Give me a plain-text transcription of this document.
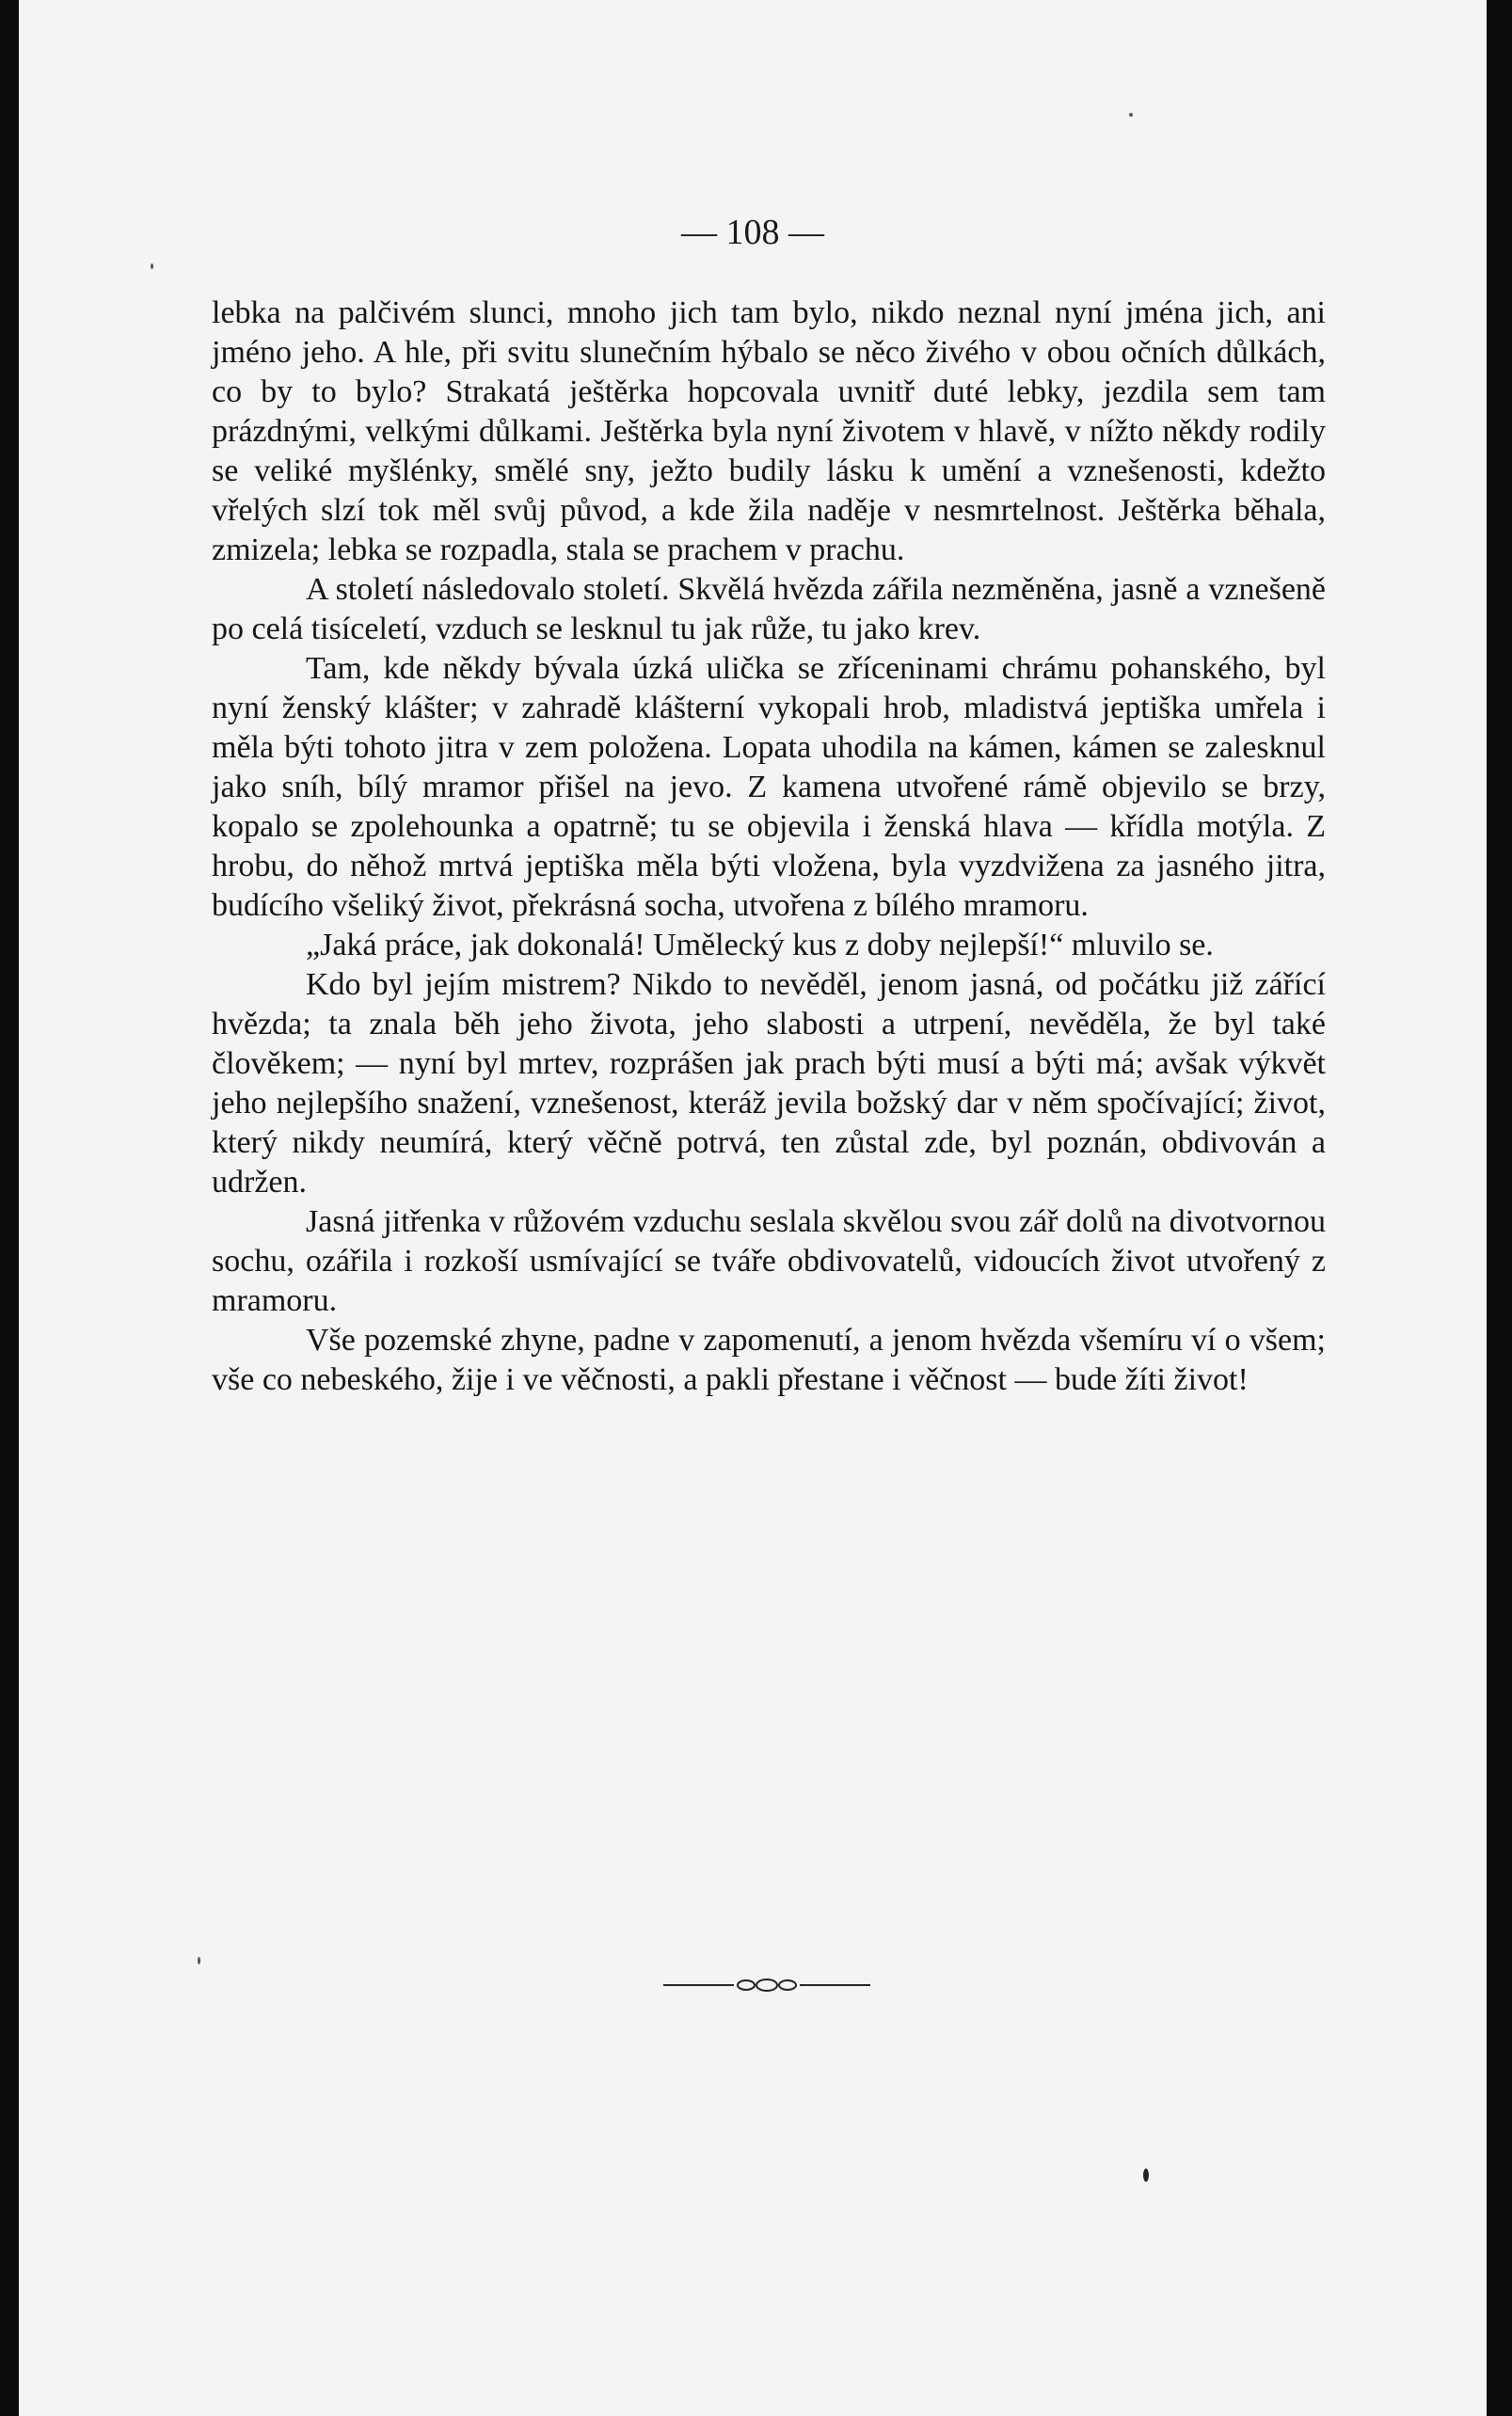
— 108 —

lebka na palčivém slunci, mnoho jich tam bylo, nikdo neznal nyní jména jich, ani jméno jeho. A hle, při svitu slunečním hýbalo se něco živého v obou očních důlkách, co by to bylo? Strakatá ještěrka hopcovala uvnitř duté lebky, jezdila sem tam prázdnými, velkými důlkami. Ještěrka byla nyní životem v hlavě, v nížto někdy rodily se veliké myšlénky, smělé sny, ježto budily lásku k umění a vznešenosti, kdežto vřelých slzí tok měl svůj původ, a kde žila naděje v nesmrtelnost. Ještěrka běhala, zmizela; lebka se rozpadla, stala se prachem v prachu.

A století následovalo století. Skvělá hvězda zářila nezměněna, jasně a vznešeně po celá tisíceletí, vzduch se lesknul tu jak růže, tu jako krev.

Tam, kde někdy bývala úzká ulička se zříceninami chrámu pohanského, byl nyní ženský klášter; v zahradě klášterní vykopali hrob, mladistvá jeptiška umřela i měla býti tohoto jitra v zem položena. Lopata uhodila na kámen, kámen se zalesknul jako sníh, bílý mramor přišel na jevo. Z kamena utvořené rámě objevilo se brzy, kopalo se zpolehounka a opatrně; tu se objevila i ženská hlava — křídla motýla. Z hrobu, do něhož mrtvá jeptiška měla býti vložena, byla vyzdvižena za jasného jitra, budícího všeliký život, překrásná socha, utvořena z bílého mramoru.

„Jaká práce, jak dokonalá! Umělecký kus z doby nejlepší!“ mluvilo se.

Kdo byl jejím mistrem? Nikdo to nevěděl, jenom jasná, od počátku již zářící hvězda; ta znala běh jeho života, jeho slabosti a utrpení, nevěděla, že byl také člověkem; — nyní byl mrtev, rozprášen jak prach býti musí a býti má; avšak výkvět jeho nejlepšího snažení, vznešenost, kteráž jevila božský dar v něm spočívající; život, který nikdy neumírá, který věčně potrvá, ten zůstal zde, byl poznán, obdivován a udržen.

Jasná jitřenka v růžovém vzduchu seslala skvělou svou zář dolů na divotvornou sochu, ozářila i rozkoší usmívající se tváře obdivovatelů, vidoucích život utvořený z mramoru.

Vše pozemské zhyne, padne v zapomenutí, a jenom hvězda všemíru ví o všem; vše co nebeského, žije i ve věčnosti, a pakli přestane i věčnost — bude žíti život!
